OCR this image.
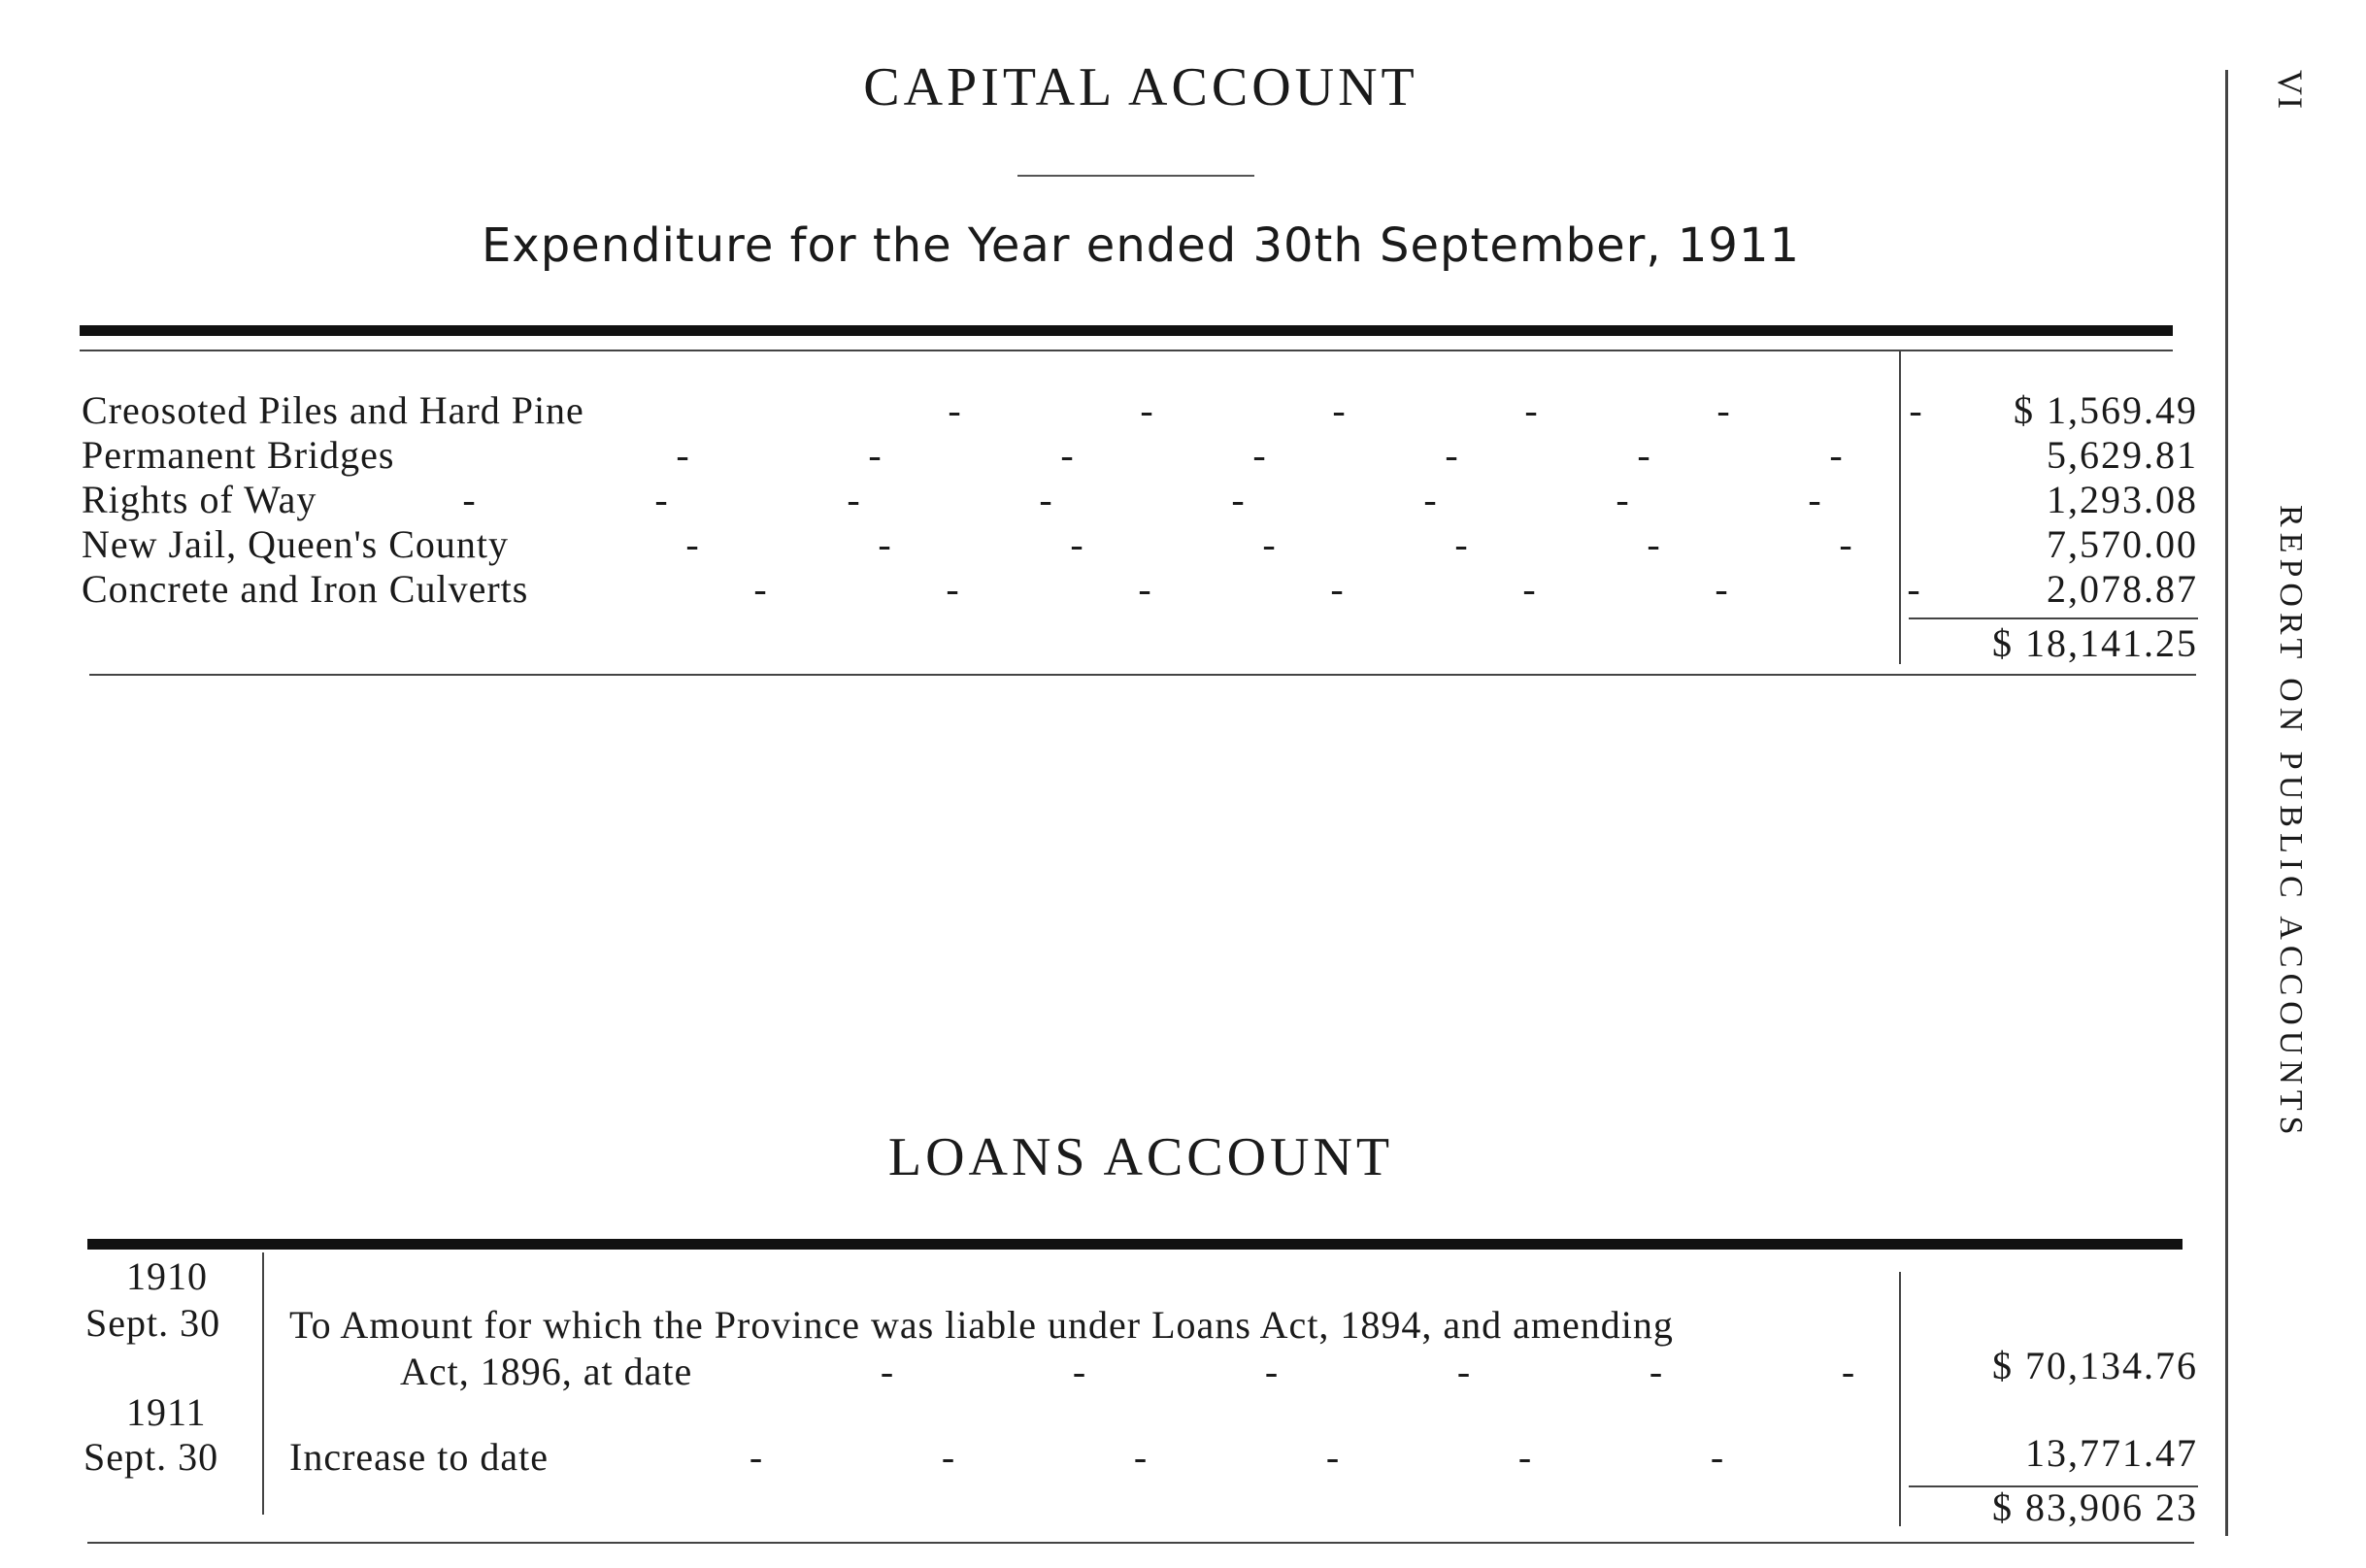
CAPITAL ACCOUNT
Expenditure for the Year ended 30th September, 1911
Creosoted Piles and Hard Pine	-	-	-	-	-	-	$ 1,569.49
Permanent Bridges	-	-	-	-	-	-	-	5,629.81
Rights of Way	-	-	-	-	-	-	-	-	1,293.08
New Jail, Queen's County	-	-	-	-	-	-	-	7,570.00
Concrete and Iron Culverts	-	-	-	-	-	-	-	2,078.87
$ 18,141.25
LOANS ACCOUNT
1910
Sept. 30 To Amount for which the Province was liable under Loans Act, 1894, and amending
Act, 1896, at date	-	-	-	-	-	-	$ 70,134.76
1911
Sept. 30 Increase to date	-	-	-	-	-	-	13,771.47
$ 83,906 23
VI
REPORT ON PUBLIC ACCOUNTS
